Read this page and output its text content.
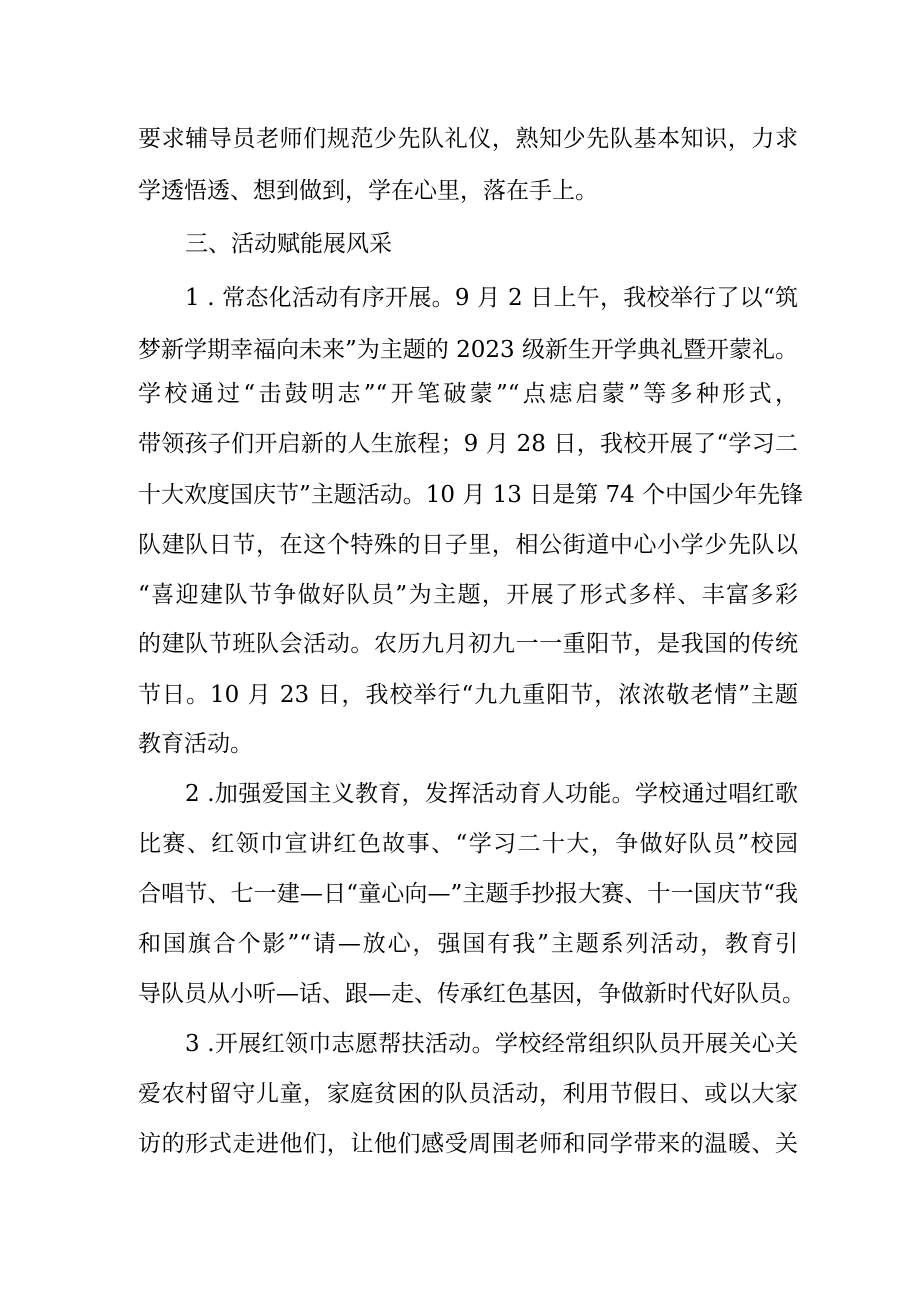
要求辅导员老师们规范少先队礼仪，熟知少先队基本知识，力求
学透悟透、想到做到，学在心里，落在手上。
三、活动赋能展风采
1 . 常态化活动有序开展。9 月 2 日上午，我校举行了以“筑
梦新学期幸福向未来”为主题的 2023 级新生开学典礼暨开蒙礼。
学校通过“击鼓明志”“开笔破蒙”“点痣启蒙”等多种形式，
带领孩子们开启新的人生旅程；9 月 28 日，我校开展了“学习二
十大欢度国庆节”主题活动。10 月 13 日是第 74 个中国少年先锋
队建队日节，在这个特殊的日子里，相公街道中心小学少先队以
“喜迎建队节争做好队员”为主题，开展了形式多样、丰富多彩
的建队节班队会活动。农历九月初九一一重阳节，是我国的传统
节日。10 月 23 日，我校举行“九九重阳节，浓浓敬老情”主题
教育活动。
2 .加强爱国主义教育，发挥活动育人功能。学校通过唱红歌
比赛、红领巾宣讲红色故事、“学习二十大，争做好队员”校园
合唱节、七一建—日“童心向—”主题手抄报大赛、十一国庆节“我
和国旗合个影”“请—放心，强国有我”主题系列活动，教育引
导队员从小听—话、跟—走、传承红色基因，争做新时代好队员。
3 .开展红领巾志愿帮扶活动。学校经常组织队员开展关心关
爱农村留守儿童，家庭贫困的队员活动，利用节假日、或以大家
访的形式走进他们，让他们感受周围老师和同学带来的温暖、关
